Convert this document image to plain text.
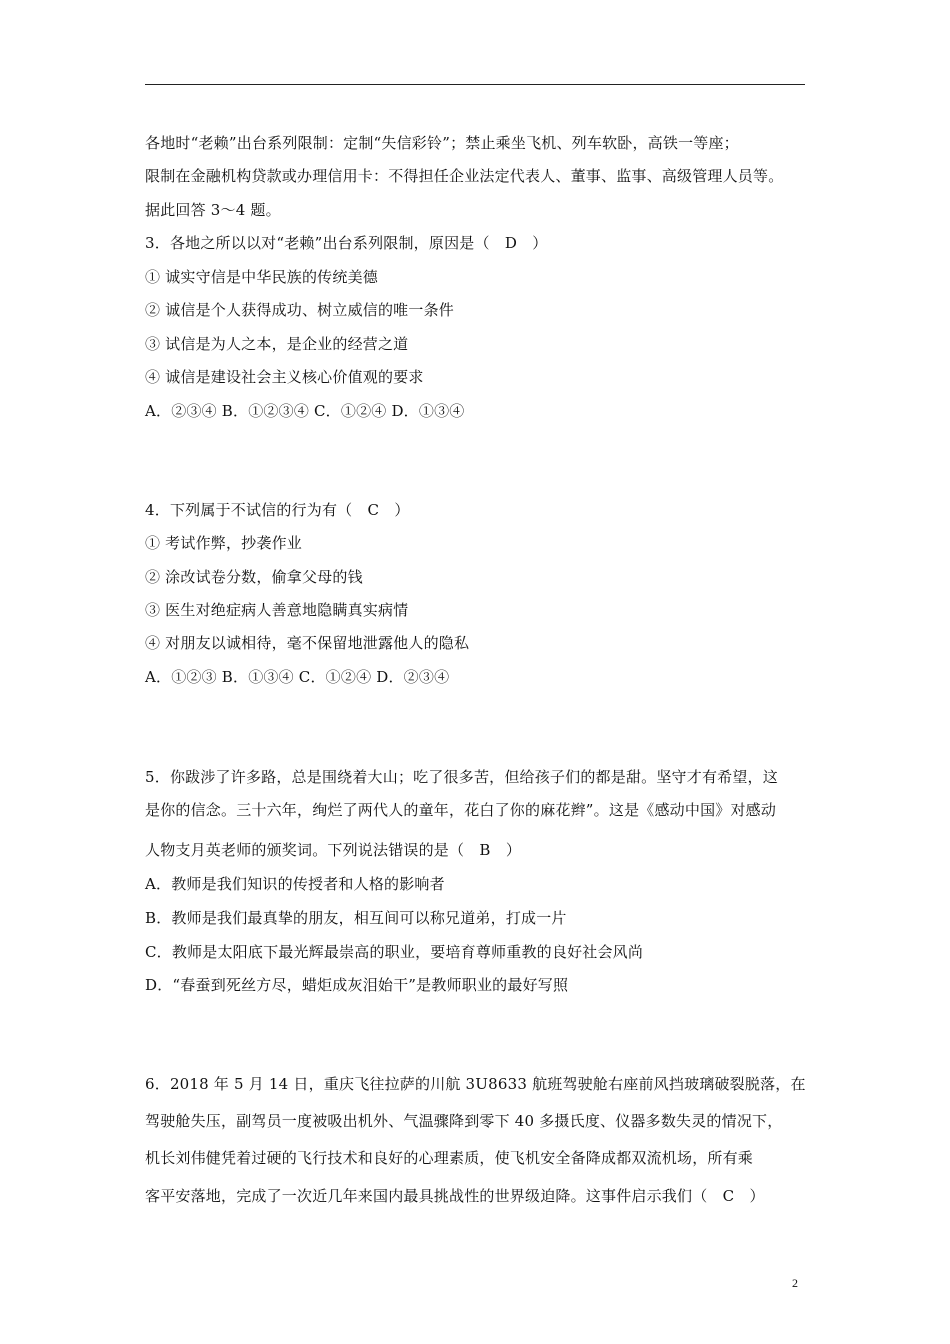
各地时“老赖”出台系列限制：定制“失信彩铃”；禁止乘坐飞机、列车软卧，高铁一等座；
限制在金融机构贷款或办理信用卡：不得担任企业法定代表人、董事、监事、高级管理人员等。
据此回答 3～4 题。
3．各地之所以以对“老赖”出台系列限制，原因是（　D　）
① 诚实守信是中华民族的传统美德
② 诚信是个人获得成功、树立威信的唯一条件
③ 试信是为人之本，是企业的经营之道
④ 诚信是建设社会主义核心价值观的要求
A．②③④ B．①②③④ C．①②④ D．①③④
4．下列属于不试信的行为有（　C　）
① 考试作弊，抄袭作业
② 涂改试卷分数，偷拿父母的钱
③ 医生对绝症病人善意地隐瞒真实病情
④ 对朋友以诚相待，毫不保留地泄露他人的隐私
A．①②③ B．①③④ C．①②④ D．②③④
5．你跋涉了许多路，总是围绕着大山；吃了很多苦，但给孩子们的都是甜。坚守才有希望，这
是你的信念。三十六年，绚烂了两代人的童年，花白了你的麻花辫”。这是《感动中国》对感动
人物支月英老师的颁奖词。下列说法错误的是（　B　）
A．教师是我们知识的传授者和人格的影响者
B．教师是我们最真挚的朋友，相互间可以称兄道弟，打成一片
C．教师是太阳底下最光辉最崇高的职业，要培育尊师重教的良好社会风尚
D．“春蚕到死丝方尽，蜡炬成灰泪始干”是教师职业的最好写照
6．2018 年 5 月 14 日，重庆飞往拉萨的川航 3U8633 航班驾驶舱右座前风挡玻璃破裂脱落，在
驾驶舱失压，副驾员一度被吸出机外、气温骤降到零下 40 多摄氏度、仪器多数失灵的情况下，
机长刘伟健凭着过硬的飞行技术和良好的心理素质，使飞机安全备降成都双流机场，所有乘
客平安落地，完成了一次近几年来国内最具挑战性的世界级迫降。这事件启示我们（　C　）
2
